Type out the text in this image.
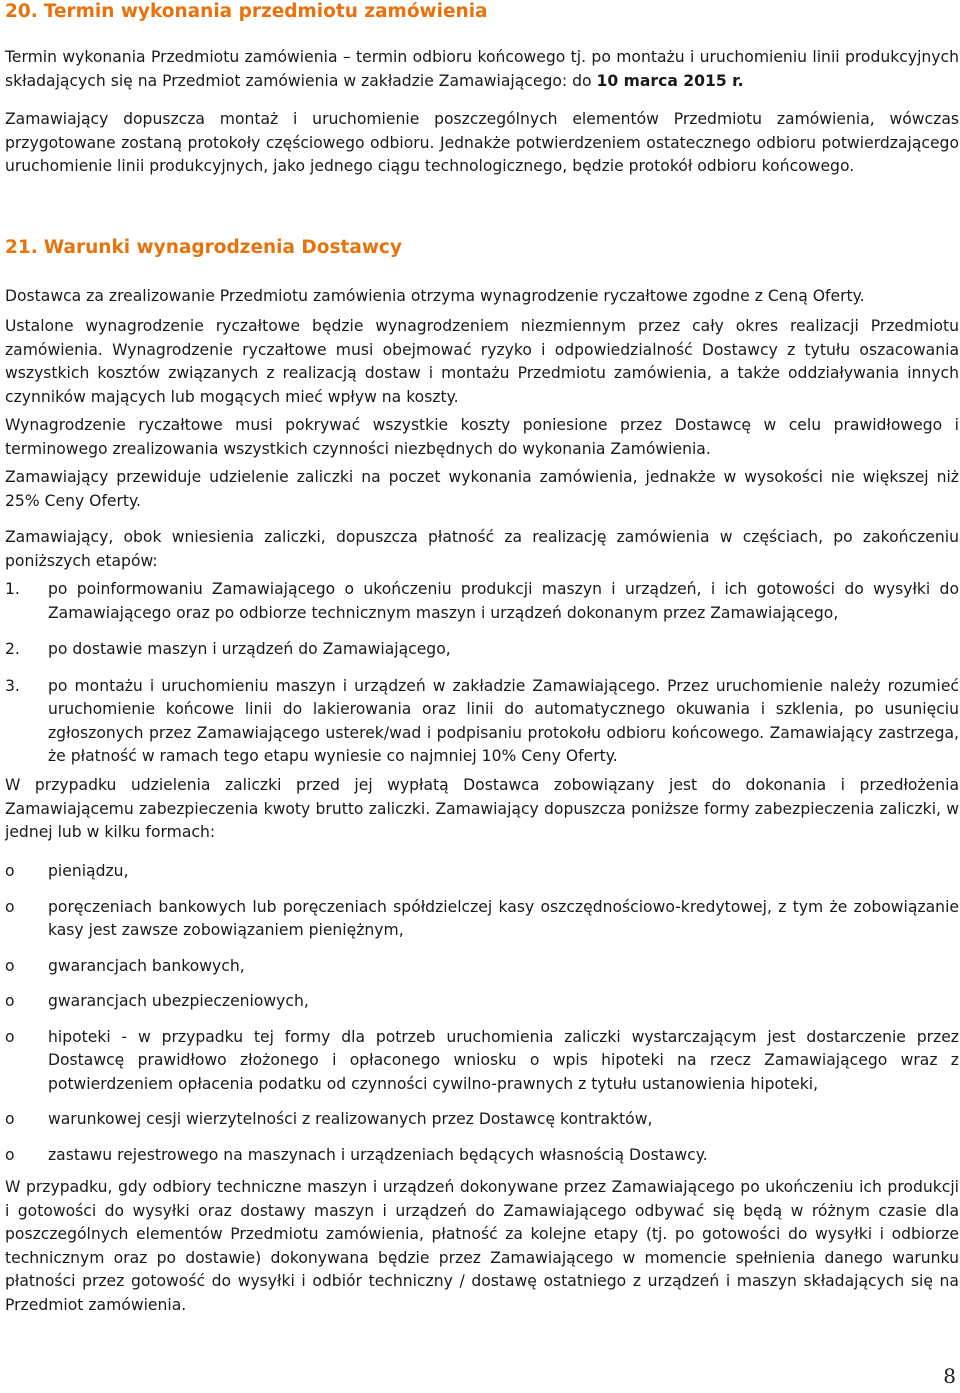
20. Termin wykonania przedmiotu zamówienia

Termin wykonania Przedmiotu zamówienia – termin odbioru końcowego tj. po montażu i uruchomieniu linii produkcyjnych składających się na Przedmiot zamówienia w zakładzie Zamawiającego: do 10 marca 2015 r.

Zamawiający dopuszcza montaż i uruchomienie poszczególnych elementów Przedmiotu zamówienia, wówczas przygotowane zostaną protokoły częściowego odbioru. Jednakże potwierdzeniem ostatecznego odbioru potwierdzającego uruchomienie linii produkcyjnych, jako jednego ciągu technologicznego, będzie protokół odbioru końcowego.

21. Warunki wynagrodzenia Dostawcy

Dostawca za zrealizowanie Przedmiotu zamówienia otrzyma wynagrodzenie ryczałtowe zgodne z Ceną Oferty.

Ustalone wynagrodzenie ryczałtowe będzie wynagrodzeniem niezmiennym przez cały okres realizacji Przedmiotu zamówienia. Wynagrodzenie ryczałtowe musi obejmować ryzyko i odpowiedzialność Dostawcy z tytułu oszacowania wszystkich kosztów związanych z realizacją dostaw i montażu Przedmiotu zamówienia, a także oddziaływania innych czynników mających lub mogących mieć wpływ na koszty.

Wynagrodzenie ryczałtowe musi pokrywać wszystkie koszty poniesione przez Dostawcę w celu prawidłowego i terminowego zrealizowania wszystkich czynności niezbędnych do wykonania Zamówienia.

Zamawiający przewiduje udzielenie zaliczki na poczet wykonania zamówienia, jednakże w wysokości nie większej niż 25% Ceny Oferty.

Zamawiający, obok wniesienia zaliczki, dopuszcza płatność za realizację zamówienia w częściach, po zakończeniu poniższych etapów:

1.	po poinformowaniu Zamawiającego o ukończeniu produkcji maszyn i urządzeń, i ich gotowości do wysyłki do Zamawiającego oraz po odbiorze technicznym maszyn i urządzeń dokonanym przez Zamawiającego,
2.	po dostawie maszyn i urządzeń do Zamawiającego,
3.	po montażu i uruchomieniu maszyn i urządzeń w zakładzie Zamawiającego. Przez uruchomienie należy rozumieć uruchomienie końcowe linii do lakierowania oraz linii do automatycznego okuwania i szklenia, po usunięciu zgłoszonych przez Zamawiającego usterek/wad i podpisaniu protokołu odbioru końcowego. Zamawiający zastrzega, że płatność w ramach tego etapu wyniesie co najmniej 10% Ceny Oferty.

W przypadku udzielenia zaliczki przed jej wypłatą Dostawca zobowiązany jest do dokonania i przedłożenia Zamawiającemu zabezpieczenia kwoty brutto zaliczki. Zamawiający dopuszcza poniższe formy zabezpieczenia zaliczki, w jednej lub w kilku formach:

o	pieniądzu,
o	poręczeniach bankowych lub poręczeniach spółdzielczej kasy oszczędnościowo-kredytowej, z tym że zobowiązanie kasy jest zawsze zobowiązaniem pieniężnym,
o	gwarancjach bankowych,
o	gwarancjach ubezpieczeniowych,
o	hipoteki - w przypadku tej formy dla potrzeb uruchomienia zaliczki wystarczającym jest dostarczenie przez Dostawcę prawidłowo złożonego i opłaconego wniosku o wpis hipoteki na rzecz Zamawiającego wraz z potwierdzeniem opłacenia podatku od czynności cywilno-prawnych z tytułu ustanowienia hipoteki,
o	warunkowej cesji wierzytelności z realizowanych przez Dostawcę kontraktów,
o	zastawu rejestrowego na maszynach i urządzeniach będących własnością Dostawcy.

W przypadku, gdy odbiory techniczne maszyn i urządzeń dokonywane przez Zamawiającego po ukończeniu ich produkcji i gotowości do wysyłki oraz dostawy maszyn i urządzeń do Zamawiającego odbywać się będą w różnym czasie dla poszczególnych elementów Przedmiotu zamówienia, płatność za kolejne etapy (tj. po gotowości do wysyłki i odbiorze technicznym oraz po dostawie) dokonywana będzie przez Zamawiającego w momencie spełnienia danego warunku płatności przez gotowość do wysyłki i odbiór techniczny / dostawę ostatniego z urządzeń i maszyn składających się na Przedmiot zamówienia.

8
